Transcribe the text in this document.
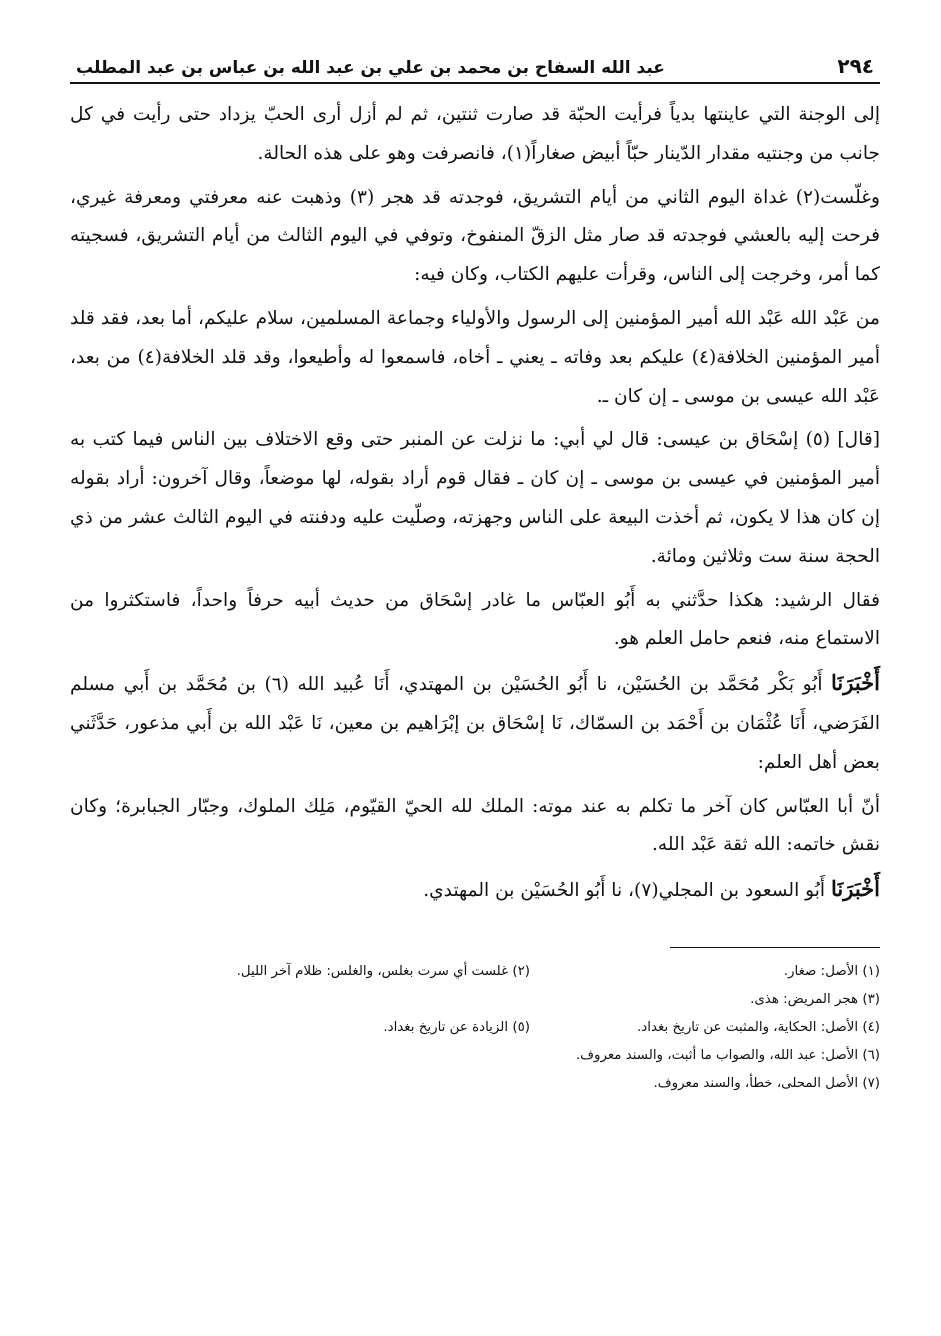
٢٩٤
عبد الله السفاح بن محمد بن علي بن عبد الله بن عباس بن عبد المطلب

إلى الوجنة التي عاينتها بدياً فرأيت الحبّة قد صارت ثنتين، ثم لم أزل أرى الحبّ يزداد حتى رأيت في كل جانب من وجنتيه مقدار الدّينار حبّاً أبيض صغاراً(١)، فانصرفت وهو على هذه الحالة.

وغلّست(٢) غداة اليوم الثاني من أيام التشريق، فوجدته قد هجر (٣) وذهبت عنه معرفتي ومعرفة غيري، فرحت إليه بالعشي فوجدته قد صار مثل الزقّ المنفوخ، وتوفي في اليوم الثالث من أيام التشريق، فسجيته كما أمر، وخرجت إلى الناس، وقرأت عليهم الكتاب، وكان فيه:

من عَبْد الله عَبْد الله أمير المؤمنين إلى الرسول والأولياء وجماعة المسلمين، سلام عليكم، أما بعد، فقد قلد أمير المؤمنين الخلافة(٤) عليكم بعد وفاته ـ يعني ـ أخاه، فاسمعوا له وأطيعوا، وقد قلد الخلافة(٤) من بعد، عَبْد الله عيسى بن موسى ـ إن كان ـ.

[قال] (٥) إسْحَاق بن عيسى: قال لي أبي: ما نزلت عن المنبر حتى وقع الاختلاف بين الناس فيما كتب به أمير المؤمنين في عيسى بن موسى ـ إن كان ـ فقال قوم أراد بقوله، لها موضعاً، وقال آخرون: أراد بقوله إن كان هذا لا يكون، ثم أخذت البيعة على الناس وجهزته، وصلّيت عليه ودفنته في اليوم الثالث عشر من ذي الحجة سنة ست وثلاثين ومائة.

فقال الرشيد: هكذا حدَّثني به أَبُو العبّاس ما غادر إسْحَاق من حديث أبيه حرفاً واحداً، فاستكثروا من الاستماع منه، فنعم حامل العلم هو.

أَخْبَرَنَا أَبُو بَكْر مُحَمَّد بن الحُسَيْن، نا أَبُو الحُسَيْن بن المهتدي، أَنَا عُبيد الله (٦) بن مُحَمَّد بن أَبي مسلم الفَرَضي، أَنَا عُثْمَان بن أَحْمَد بن السمّاك، نَا إسْحَاق بن إبْرَاهيم بن معين، نَا عَبْد الله بن أَبي مذعور، حَدَّثَني بعض أهل العلم:

أنّ أبا العبّاس كان آخر ما تكلم به عند موته: الملك لله الحيّ القيّوم، مَلِك الملوك، وجبّار الجبابرة؛ وكان نقش خاتمه: الله ثقة عَبْد الله.

أَخْبَرَنَا أَبُو السعود بن المجلي(٧)، نا أَبُو الحُسَيْن بن المهتدي.

(١) الأصل: صغار.
(٢) غلست أي سرت بغلس، والغلس: ظلام آخر الليل.
(٣) هجر المريض: هذى.
(٤) الأصل: الحكاية، والمثبت عن تاريخ بغداد.
(٥) الزيادة عن تاريخ بغداد.
(٦) الأصل: عبد الله، والصواب ما أثبت، والسند معروف.
(٧) الأصل المحلى، خطأ، والسند معروف.
